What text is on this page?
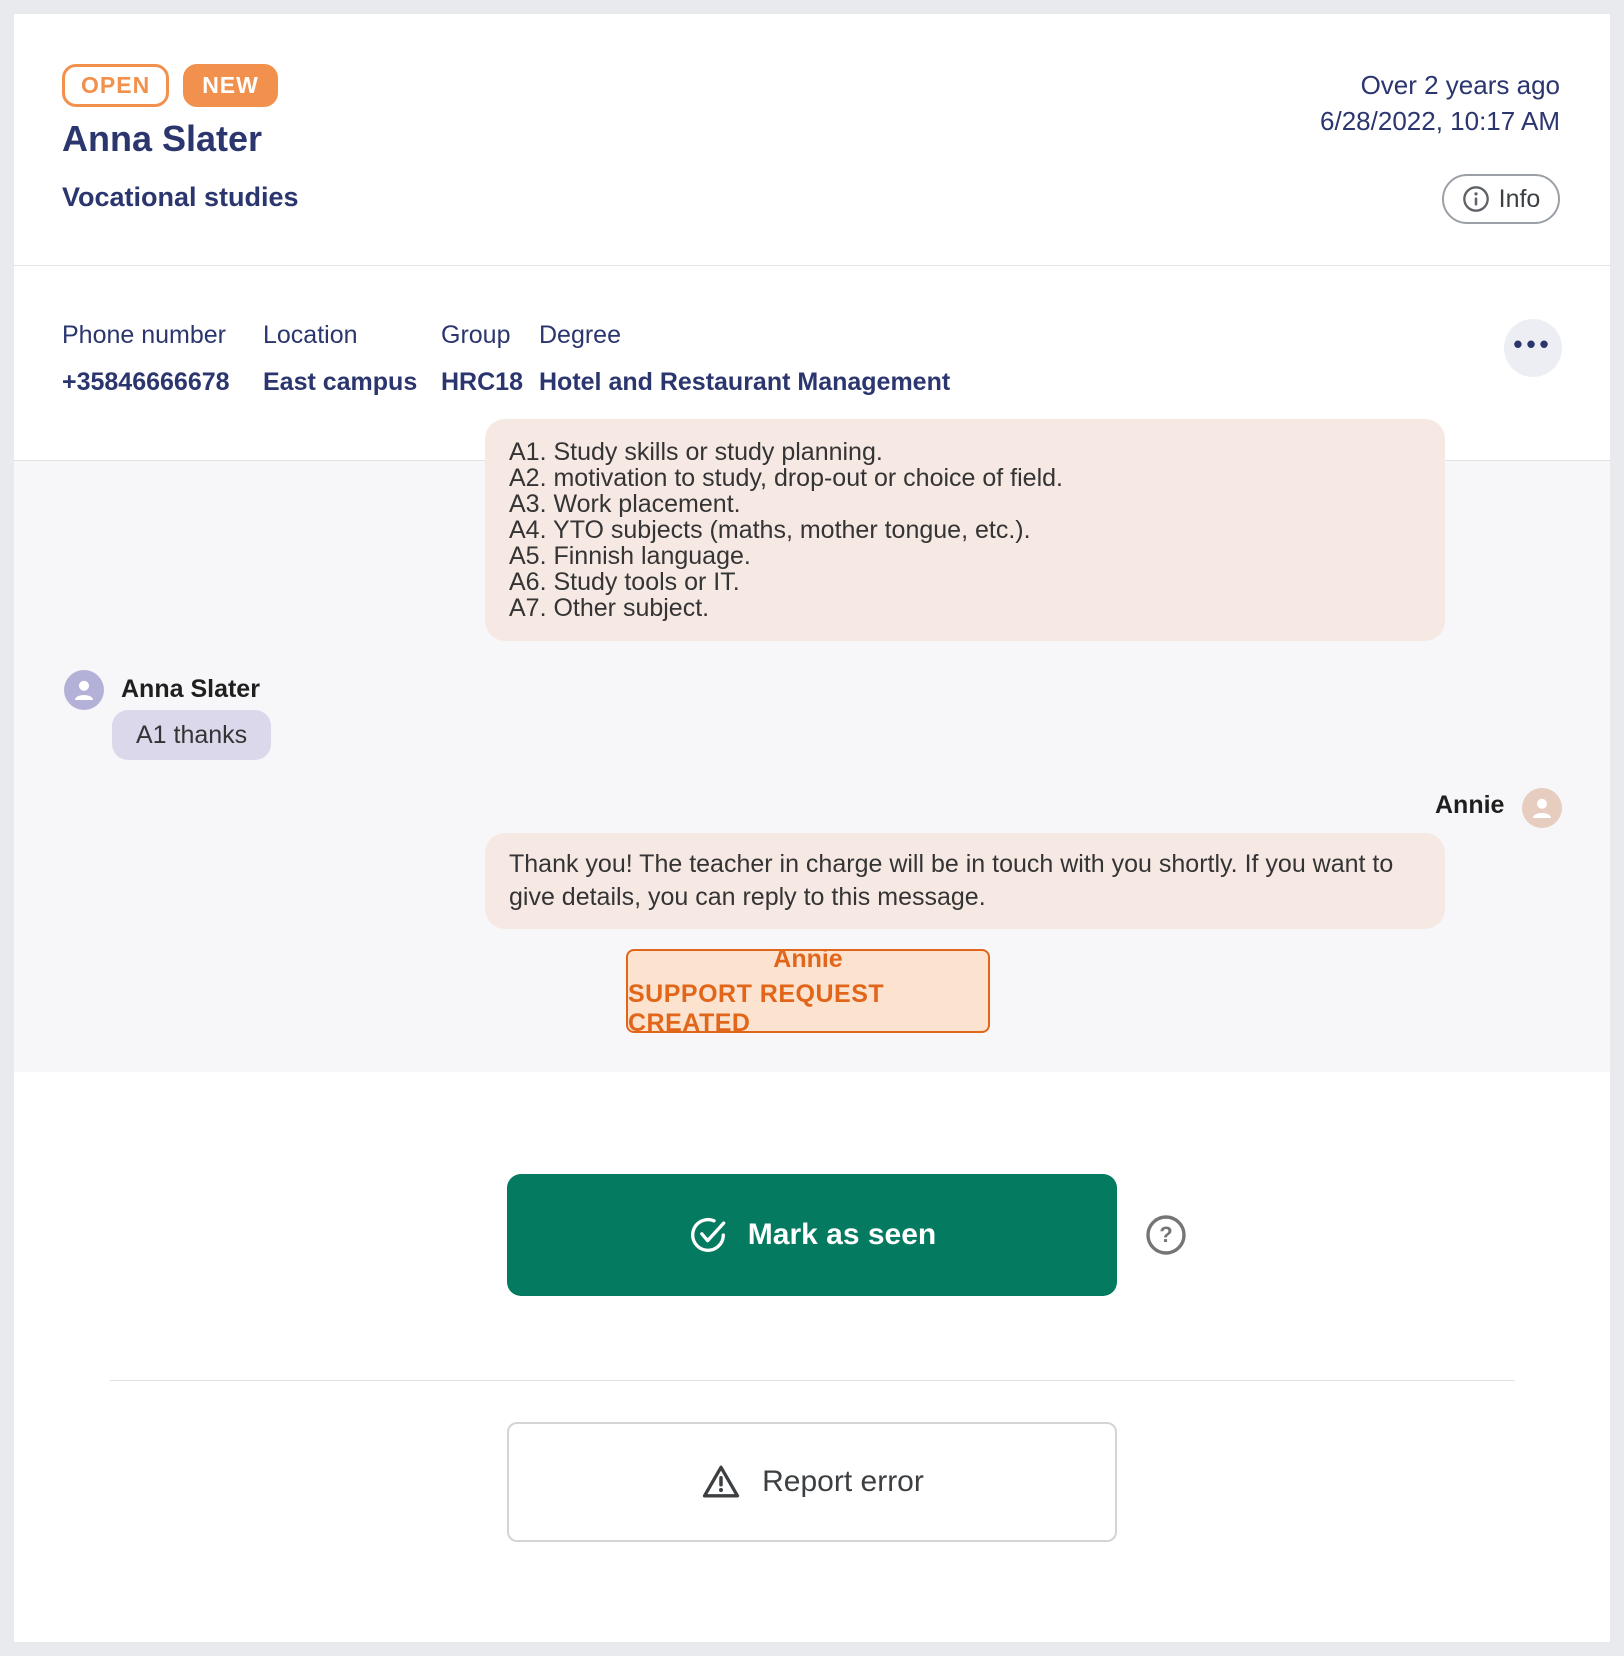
OPEN	NEW
Anna Slater
Vocational studies
Over 2 years ago
6/28/2022, 10:17 AM
Info
Phone number
+35846666678
Location
East campus
Group
HRC18
Degree
Hotel and Restaurant Management
•••
A1. Study skills or study planning.
A2. motivation to study, drop-out or choice of field.
A3. Work placement.
A4. YTO subjects (maths, mother tongue, etc.).
A5. Finnish language.
A6. Study tools or IT.
A7. Other subject.
Anna Slater
A1 thanks
Annie
Thank you! The teacher in charge will be in touch with you shortly. If you want to give details, you can reply to this message.
Annie
SUPPORT REQUEST CREATED
Mark as seen	?
Report error
